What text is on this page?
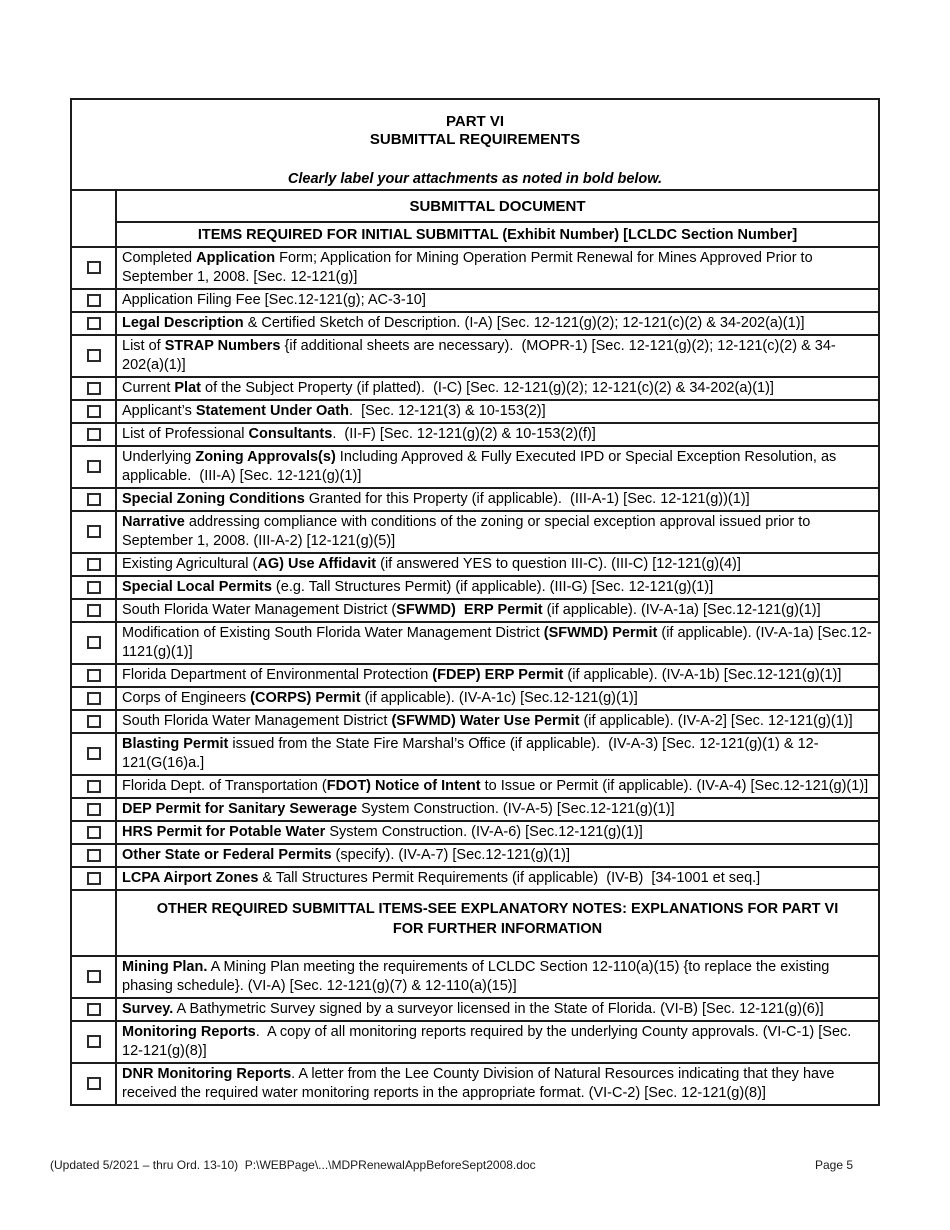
PART VI
SUBMITTAL REQUIREMENTS
Clearly label your attachments as noted in bold below.	

	SUBMITTAL DOCUMENT
	ITEMS REQUIRED FOR INITIAL SUBMITTAL (Exhibit Number) [LCLDC Section Number]
	Completed Application Form; Application for Mining Operation Permit Renewal for Mines Approved Prior to September 1, 2008. [Sec. 12-121(g)]
	Application Filing Fee [Sec.12-121(g); AC-3-10]
	Legal Description & Certified Sketch of Description. (I-A) [Sec. 12-121(g)(2); 12-121(c)(2) & 34-202(a)(1)]
	List of STRAP Numbers {if additional sheets are necessary).  (MOPR-1) [Sec. 12-121(g)(2); 12-121(c)(2) & 34-202(a)(1)]
	Current Plat of the Subject Property (if platted).  (I-C) [Sec. 12-121(g)(2); 12-121(c)(2) & 34-202(a)(1)]
	Applicant’s Statement Under Oath.  [Sec. 12-121(3) & 10-153(2)]
	List of Professional Consultants.  (II-F) [Sec. 12-121(g)(2) & 10-153(2)(f)]
	Underlying Zoning Approvals(s) Including Approved & Fully Executed IPD or Special Exception Resolution, as applicable.  (III-A) [Sec. 12-121(g)(1)]
	Special Zoning Conditions Granted for this Property (if applicable).  (III-A-1) [Sec. 12-121(g))(1)]
	Narrative addressing compliance with conditions of the zoning or special exception approval issued prior to September 1, 2008. (III-A-2) [12-121(g)(5)]
	Existing Agricultural (AG) Use Affidavit (if answered YES to question III-C). (III-C) [12-121(g)(4)]
	Special Local Permits (e.g. Tall Structures Permit) (if applicable). (III-G) [Sec. 12-121(g)(1)]
	South Florida Water Management District (SFWMD)  ERP Permit (if applicable). (IV-A-1a) [Sec.12-121(g)(1)]
	Modification of Existing South Florida Water Management District (SFWMD) Permit (if applicable). (IV-A-1a) [Sec.12-1121(g)(1)]
	Florida Department of Environmental Protection (FDEP) ERP Permit (if applicable). (IV-A-1b) [Sec.12-121(g)(1)]
	Corps of Engineers (CORPS) Permit (if applicable). (IV-A-1c) [Sec.12-121(g)(1)]
	South Florida Water Management District (SFWMD) Water Use Permit (if applicable). (IV-A-2] [Sec. 12-121(g)(1)]
	Blasting Permit issued from the State Fire Marshal’s Office (if applicable).  (IV-A-3) [Sec. 12-121(g)(1) & 12-121(G(16)a.]
	Florida Dept. of Transportation (FDOT) Notice of Intent to Issue or Permit (if applicable). (IV-A-4) [Sec.12-121(g)(1)]
	DEP Permit for Sanitary Sewerage System Construction. (IV-A-5) [Sec.12-121(g)(1)]
	HRS Permit for Potable Water System Construction. (IV-A-6) [Sec.12-121(g)(1)]
	Other State or Federal Permits (specify). (IV-A-7) [Sec.12-121(g)(1)]
	LCPA Airport Zones & Tall Structures Permit Requirements (if applicable)  (IV-B)  [34-1001 et seq.]
	OTHER REQUIRED SUBMITTAL ITEMS-SEE EXPLANATORY NOTES: EXPLANATIONS FOR PART VI FOR FURTHER INFORMATION
	Mining Plan. A Mining Plan meeting the requirements of LCLDC Section 12-110(a)(15) {to replace the existing phasing schedule}. (VI-A) [Sec. 12-121(g)(7) & 12-110(a)(15)]
	Survey. A Bathymetric Survey signed by a surveyor licensed in the State of Florida. (VI-B) [Sec. 12-121(g)(6)]
	Monitoring Reports.  A copy of all monitoring reports required by the underlying County approvals. (VI-C-1) [Sec. 12-121(g)(8)]
	DNR Monitoring Reports. A letter from the Lee County Division of Natural Resources indicating that they have received the required water monitoring reports in the appropriate format. (VI-C-2) [Sec. 12-121(g)(8)]
(Updated 5/2021 – thru Ord. 13-10)  P:\WEBPage\...\MDPRenewalAppBeforeSept2008.doc	Page 5
